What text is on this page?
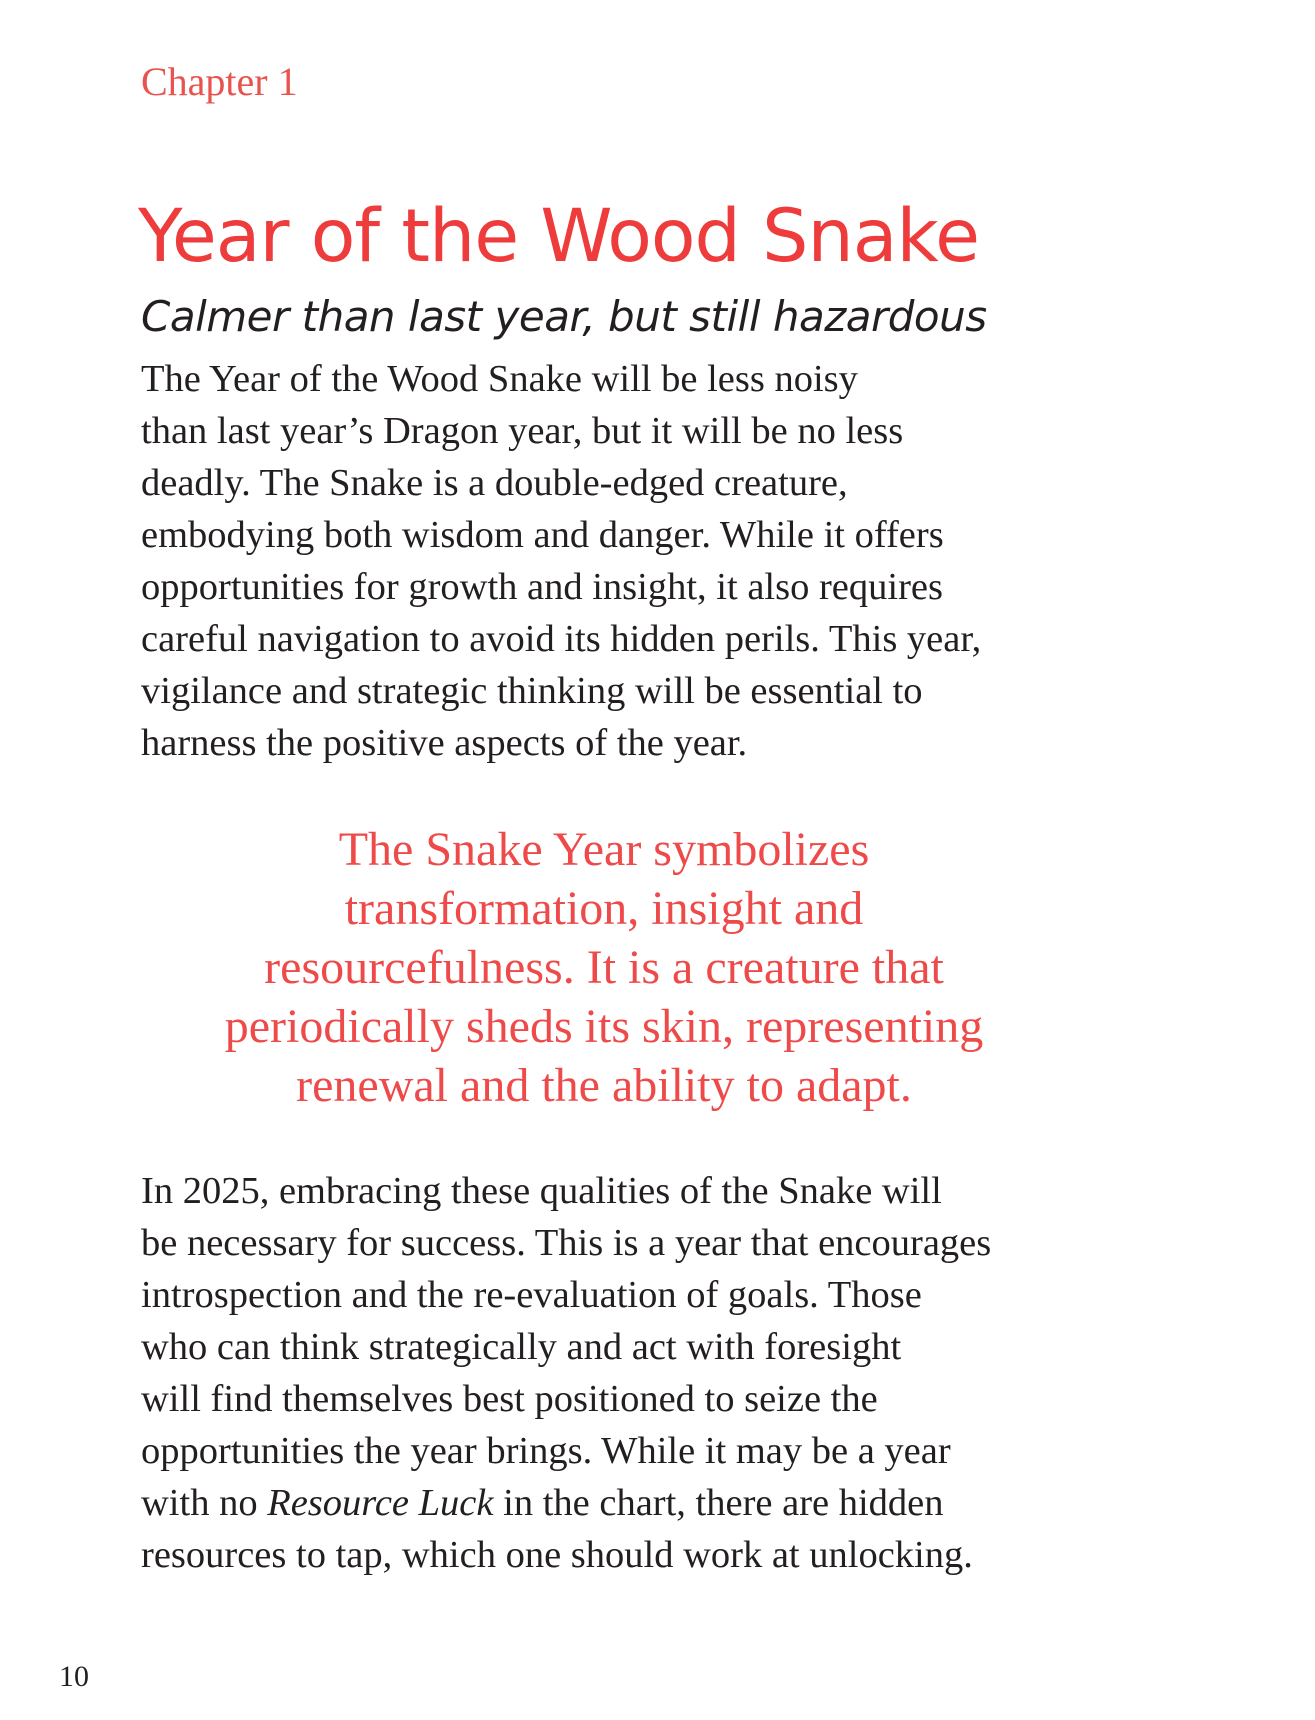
Chapter 1
Year of the Wood Snake
Calmer than last year, but still hazardous
The Year of the Wood Snake will be less noisy
than last year’s Dragon year, but it will be no less
deadly. The Snake is a double-edged creature,
embodying both wisdom and danger. While it offers
opportunities for growth and insight, it also requires
careful navigation to avoid its hidden perils. This year,
vigilance and strategic thinking will be essential to
harness the positive aspects of the year.
The Snake Year symbolizes
transformation, insight and
resourcefulness. It is a creature that
periodically sheds its skin, representing
renewal and the ability to adapt.
In 2025, embracing these qualities of the Snake will
be necessary for success. This is a year that encourages
introspection and the re-evaluation of goals. Those
who can think strategically and act with foresight
will find themselves best positioned to seize the
opportunities the year brings. While it may be a year
with no Resource Luck in the chart, there are hidden
resources to tap, which one should work at unlocking.
10
